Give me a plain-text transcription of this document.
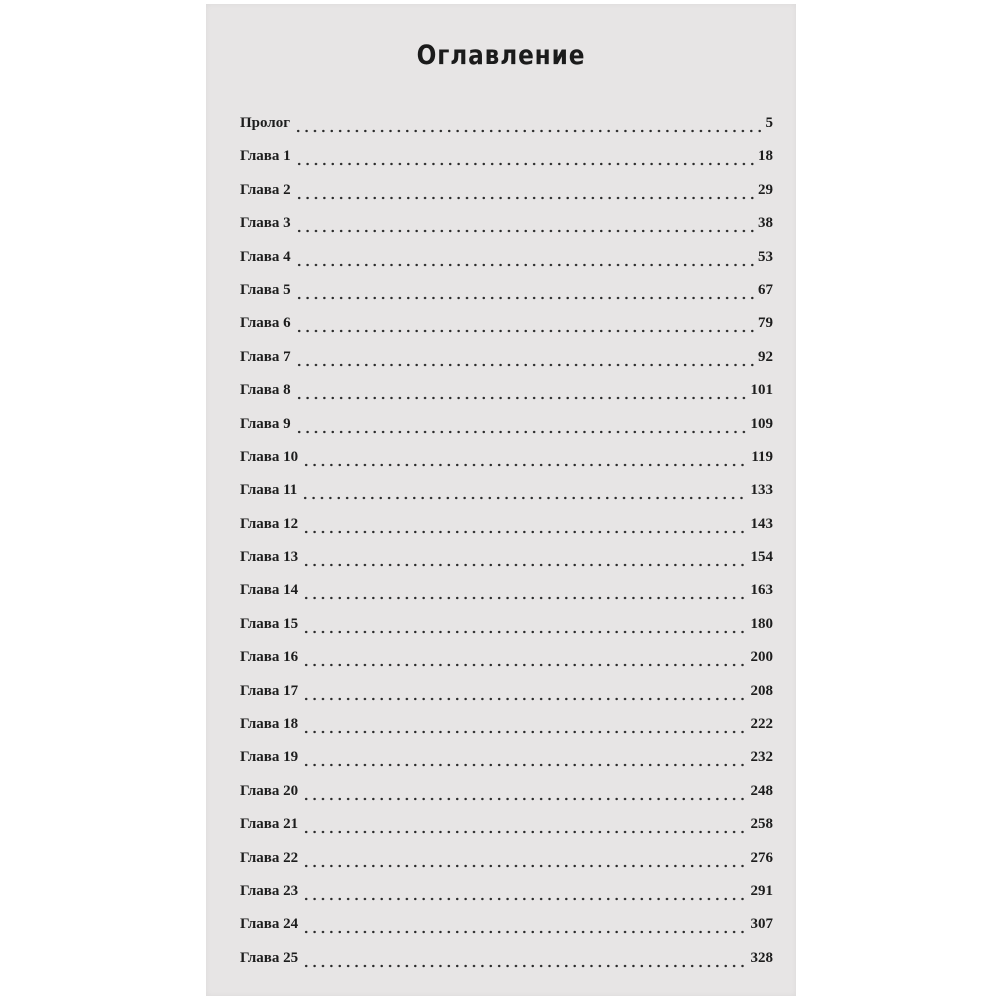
Оглавление
Пролог	5
Глава 1	18
Глава 2	29
Глава 3	38
Глава 4	53
Глава 5	67
Глава 6	79
Глава 7	92
Глава 8	101
Глава 9	109
Глава 10	119
Глава 11	133
Глава 12	143
Глава 13	154
Глава 14	163
Глава 15	180
Глава 16	200
Глава 17	208
Глава 18	222
Глава 19	232
Глава 20	248
Глава 21	258
Глава 22	276
Глава 23	291
Глава 24	307
Глава 25	328
